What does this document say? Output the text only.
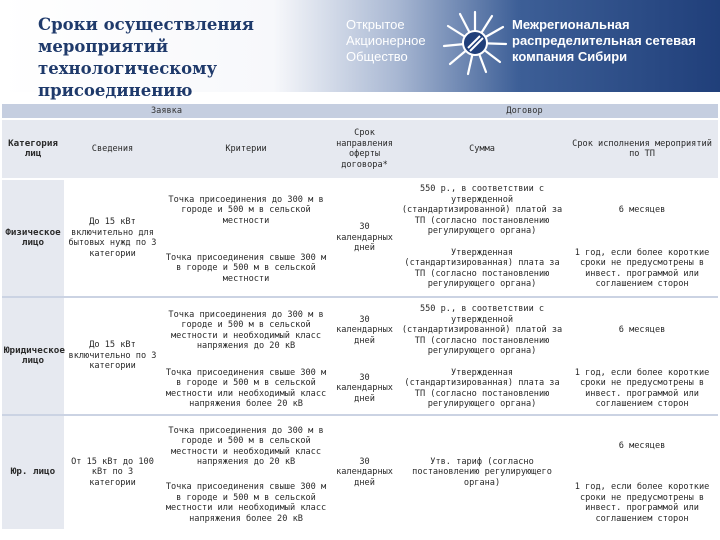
Сроки осуществления
мероприятий технологическому
присоединению
Открытое
Акционерное
Общество
Межрегиональная
распределительная сетевая
компания Сибири
Заявка			Договор		
Категория лиц	Сведения	Критерии	Срок направления оферты договора*	Сумма	Срок исполнения мероприятий по ТП
Физическое лицо	До 15 кВт включительно для бытовых нужд по 3 категории	Точка присоединения до 300 м в городе и 500 м в сельской местности	30 календарных дней	550 р., в соответствии с утвержденной (стандартизированной) платой за ТП (согласно постановлению регулирующего органа)	6 месяцев
		Точка присоединения свыше 300 м в городе и 500 м в сельской местности		Утвержденная (стандартизированная) плата за ТП (согласно постановлению регулирующего органа)	1 год, если более короткие сроки не предусмотрены в инвест. программой или соглашением сторон
Юридическое лицо	До 15 кВт включительно по 3 категории	Точка присоединения до 300 м в городе и 500 м в сельской местности и необходимый класс напряжения до 20 кВ	30 календарных дней	550 р., в соответствии с утвержденной (стандартизированной) платой за ТП (согласно постановлению регулирующего органа)	6 месяцев
		Точка присоединения свыше 300 м в городе и 500 м в сельской местности или необходимый класс напряжения более 20 кВ	30 календарных дней	Утвержденная (стандартизированная) плата за ТП (согласно постановлению регулирующего органа)	1 год, если более короткие сроки не предусмотрены в инвест. программой или соглашением сторон
Юр. лицо	От 15 кВт до 100 кВт по 3 категории	Точка присоединения до 300 м в городе и 500 м в сельской местности и необходимый класс напряжения до 20 кВ	30 календарных дней	Утв. тариф (согласно постановлению регулирующего органа)	6 месяцев
		Точка присоединения свыше 300 м в городе и 500 м в сельской местности или необходимый класс напряжения более 20 кВ			1 год, если более короткие сроки не предусмотрены в инвест. программой или соглашением сторон
